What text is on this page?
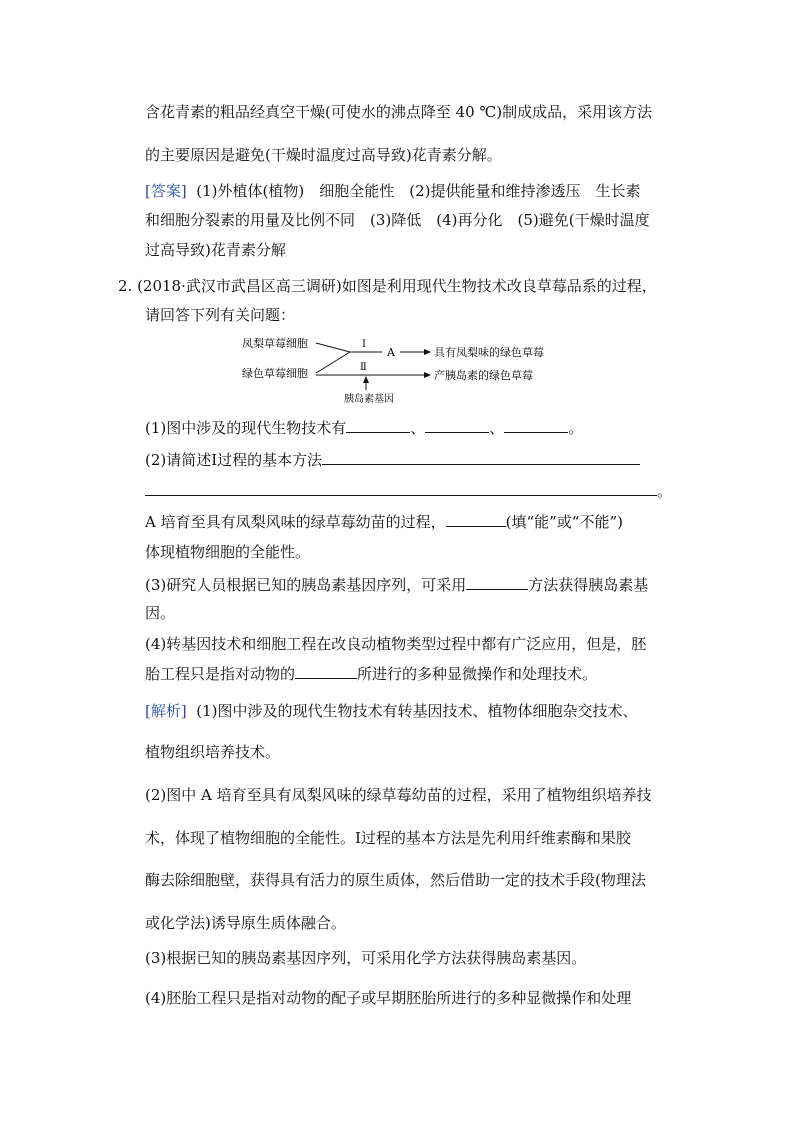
含花青素的粗品经真空干燥(可使水的沸点降至 40 ℃)制成成品，采用该方法
的主要原因是避免(干燥时温度过高导致)花青素分解。
[答案] (1)外植体(植物)　细胞全能性　(2)提供能量和维持渗透压　生长素
和细胞分裂素的用量及比例不同　(3)降低　(4)再分化　(5)避免(干燥时温度
过高导致)花青素分解
2. (2018·武汉市武昌区高三调研)如图是利用现代生物技术改良草莓品系的过程，
请回答下列有关问题：
凤梨草莓细胞
绿色草莓细胞
Ⅰ
A	具有凤梨味的绿色草莓
Ⅱ
产胰岛素的绿色草莓
胰岛素基因
(1)图中涉及的现代生物技术有	、	、	。
(2)请简述Ⅰ过程的基本方法
。
A 培育至具有凤梨风味的绿草莓幼苗的过程，	(填“能”或“不能”)
体现植物细胞的全能性。
(3)研究人员根据已知的胰岛素基因序列，可采用	方法获得胰岛素基
因。
(4)转基因技术和细胞工程在改良动植物类型过程中都有广泛应用，但是，胚
胎工程只是指对动物的	所进行的多种显微操作和处理技术。
[解析] (1)图中涉及的现代生物技术有转基因技术、植物体细胞杂交技术、
植物组织培养技术。
(2)图中 A 培育至具有凤梨风味的绿草莓幼苗的过程，采用了植物组织培养技
术，体现了植物细胞的全能性。Ⅰ过程的基本方法是先利用纤维素酶和果胶
酶去除细胞壁，获得具有活力的原生质体，然后借助一定的技术手段(物理法
或化学法)诱导原生质体融合。
(3)根据已知的胰岛素基因序列，可采用化学方法获得胰岛素基因。
(4)胚胎工程只是指对动物的配子或早期胚胎所进行的多种显微操作和处理
